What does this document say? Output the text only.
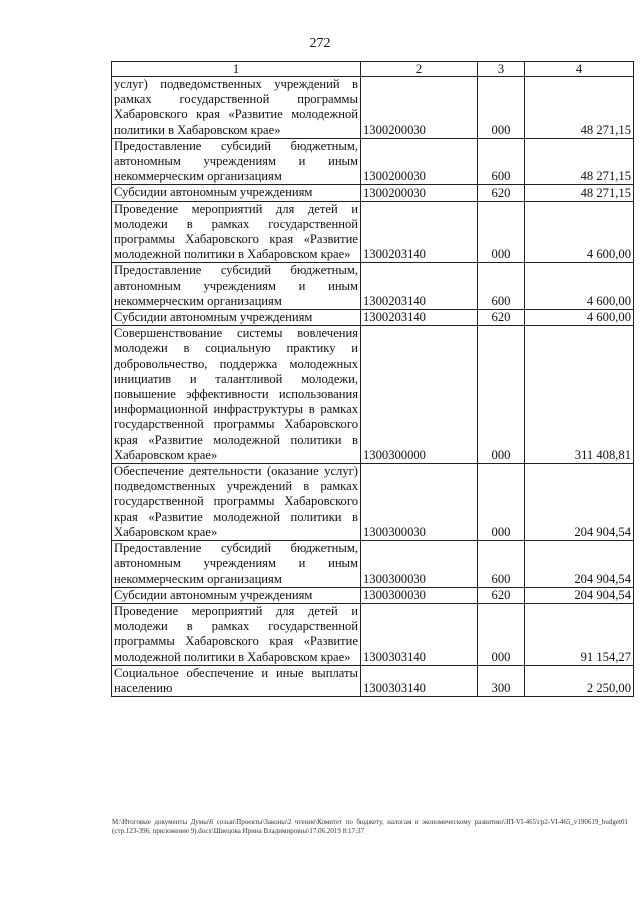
272
1	2	3	4
услуг) подведомственных учреждений в рамках государственной программы Хабаровского края «Развитие молодежной политики в Хабаровском крае»	1300200030	000	48 271,15
Предоставление субсидий бюджетным, автономным учреждениям и иным некоммерческим организациям	1300200030	600	48 271,15
Субсидии автономным учреждениям	1300200030	620	48 271,15
Проведение мероприятий для детей и молодежи в рамках государственной программы Хабаровского края «Развитие молодежной политики в Хабаровском крае»	1300203140	000	4 600,00
Предоставление субсидий бюджетным, автономным учреждениям и иным некоммерческим организациям	1300203140	600	4 600,00
Субсидии автономным учреждениям	1300203140	620	4 600,00
Совершенствование системы вовлечения молодежи в социальную практику и добровольчество, поддержка молодежных инициатив и талантливой молодежи, повышение эффективности использования информационной инфраструктуры в рамках государственной программы Хабаровского края «Развитие молодежной политики в Хабаровском крае»	1300300000	000	311 408,81
Обеспечение деятельности (оказание услуг) подведомственных учреждений в рамках государственной программы Хабаровского края «Развитие молодежной политики в Хабаровском крае»	1300300030	000	204 904,54
Предоставление субсидий бюджетным, автономным учреждениям и иным некоммерческим организациям	1300300030	600	204 904,54
Субсидии автономным учреждениям	1300300030	620	204 904,54
Проведение мероприятий для детей и молодежи в рамках государственной программы Хабаровского края «Развитие молодежной политики в Хабаровском крае»	1300303140	000	91 154,27
Социальное обеспечение и иные выплаты населению	1300303140	300	2 250,00
M:\Итоговые документы Думы\6 созыв\Проекты\Законы\2 чтение\Комитет по бюджету, налогам и экономическому развитию\ЗП-VI-465\гр2-VI-465_v190619_budget01 (стр.123-396, приложение 9).docx\Швецова Ирина Владимировна\17.06.2019 8:17:37
